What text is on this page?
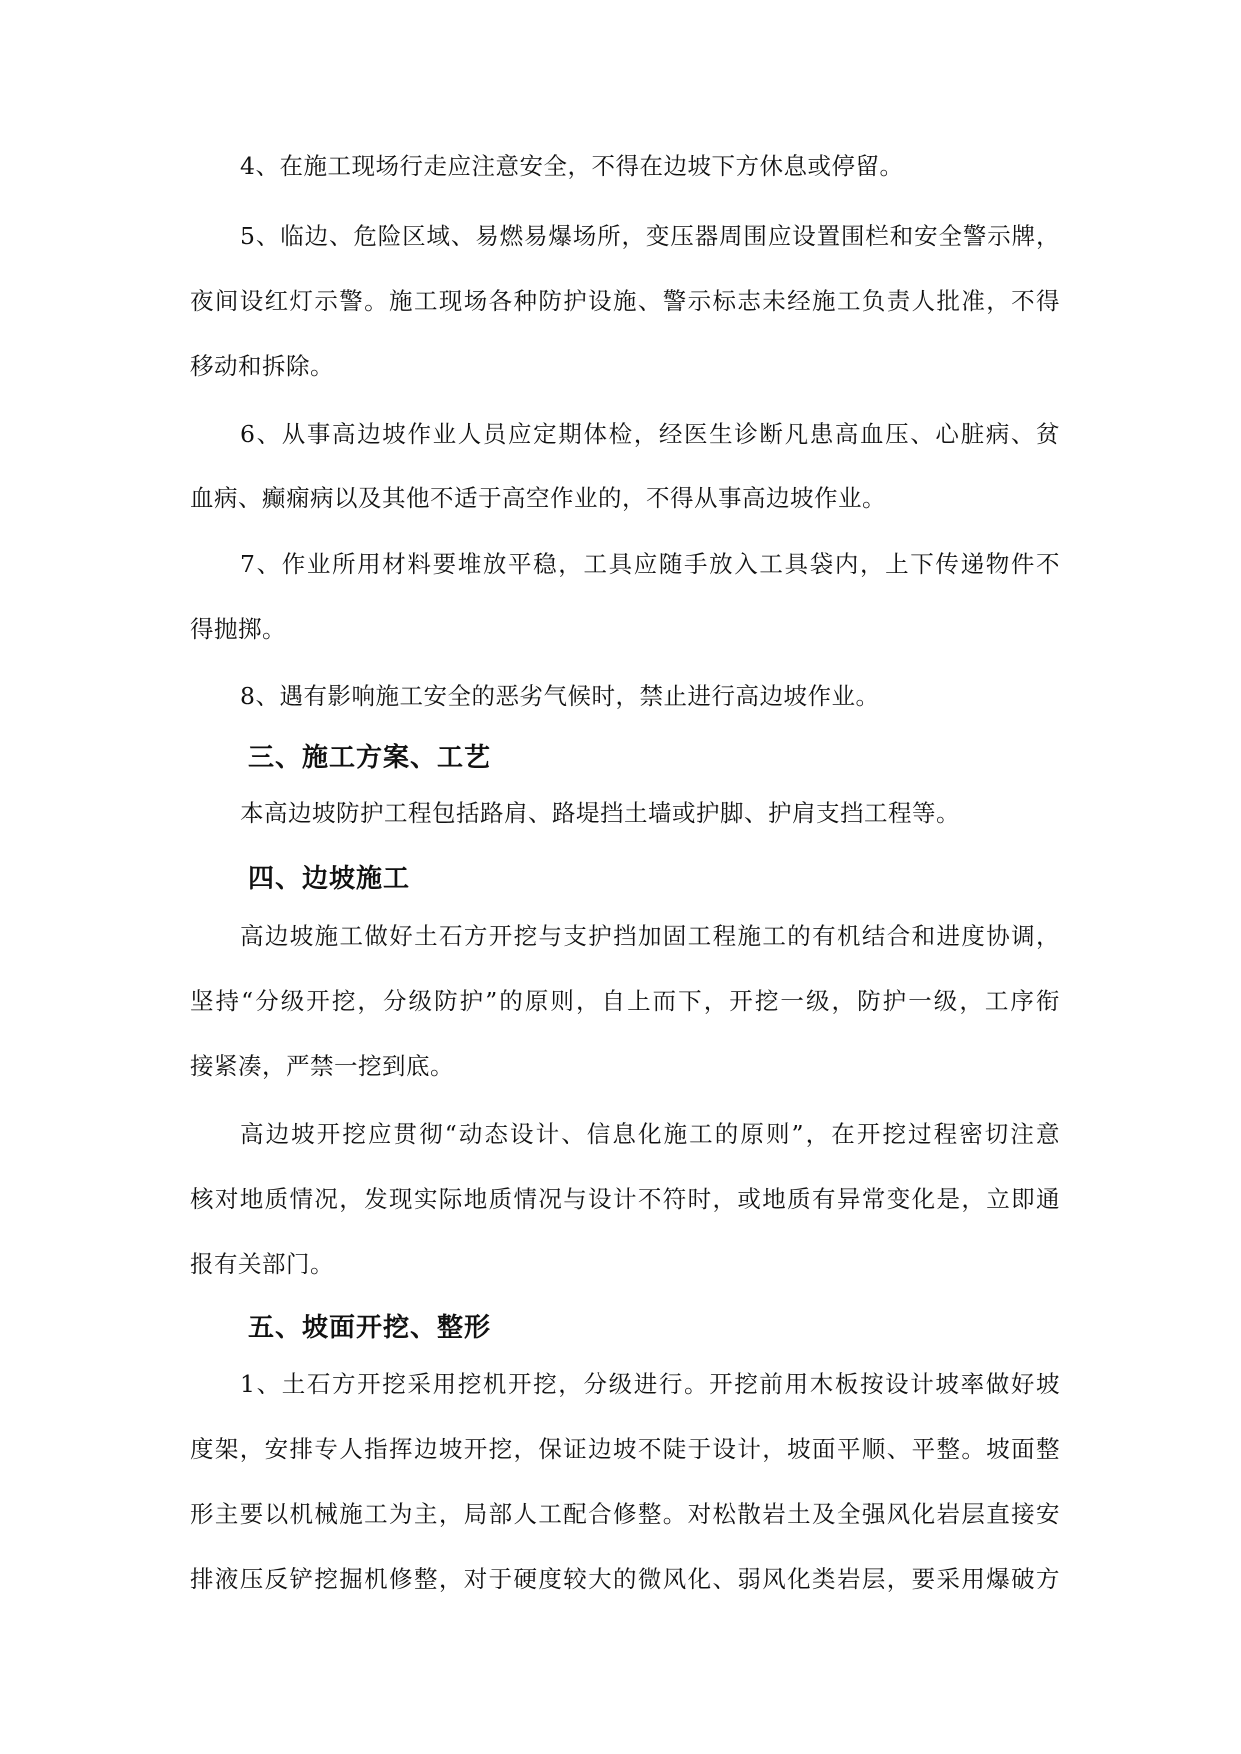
4、在施工现场行走应注意安全，不得在边坡下方休息或停留。
5、临边、危险区域、易燃易爆场所，变压器周围应设置围栏和安全警示牌，
夜间设红灯示警。施工现场各种防护设施、警示标志未经施工负责人批准，不得
移动和拆除。
6、从事高边坡作业人员应定期体检，经医生诊断凡患高血压、心脏病、贫
血病、癫痫病以及其他不适于高空作业的，不得从事高边坡作业。
7、作业所用材料要堆放平稳，工具应随手放入工具袋内，上下传递物件不
得抛掷。
8、遇有影响施工安全的恶劣气候时，禁止进行高边坡作业。
三、施工方案、工艺
本高边坡防护工程包括路肩、路堤挡土墙或护脚、护肩支挡工程等。
四、边坡施工
高边坡施工做好土石方开挖与支护挡加固工程施工的有机结合和进度协调，
坚持“分级开挖，分级防护”的原则，自上而下，开挖一级，防护一级，工序衔
接紧凑，严禁一挖到底。
高边坡开挖应贯彻“动态设计、信息化施工的原则”，在开挖过程密切注意
核对地质情况，发现实际地质情况与设计不符时，或地质有异常变化是，立即通
报有关部门。
五、坡面开挖、整形
1、土石方开挖采用挖机开挖，分级进行。开挖前用木板按设计坡率做好坡
度架，安排专人指挥边坡开挖，保证边坡不陡于设计，坡面平顺、平整。坡面整
形主要以机械施工为主，局部人工配合修整。对松散岩土及全强风化岩层直接安
排液压反铲挖掘机修整，对于硬度较大的微风化、弱风化类岩层，要采用爆破方
